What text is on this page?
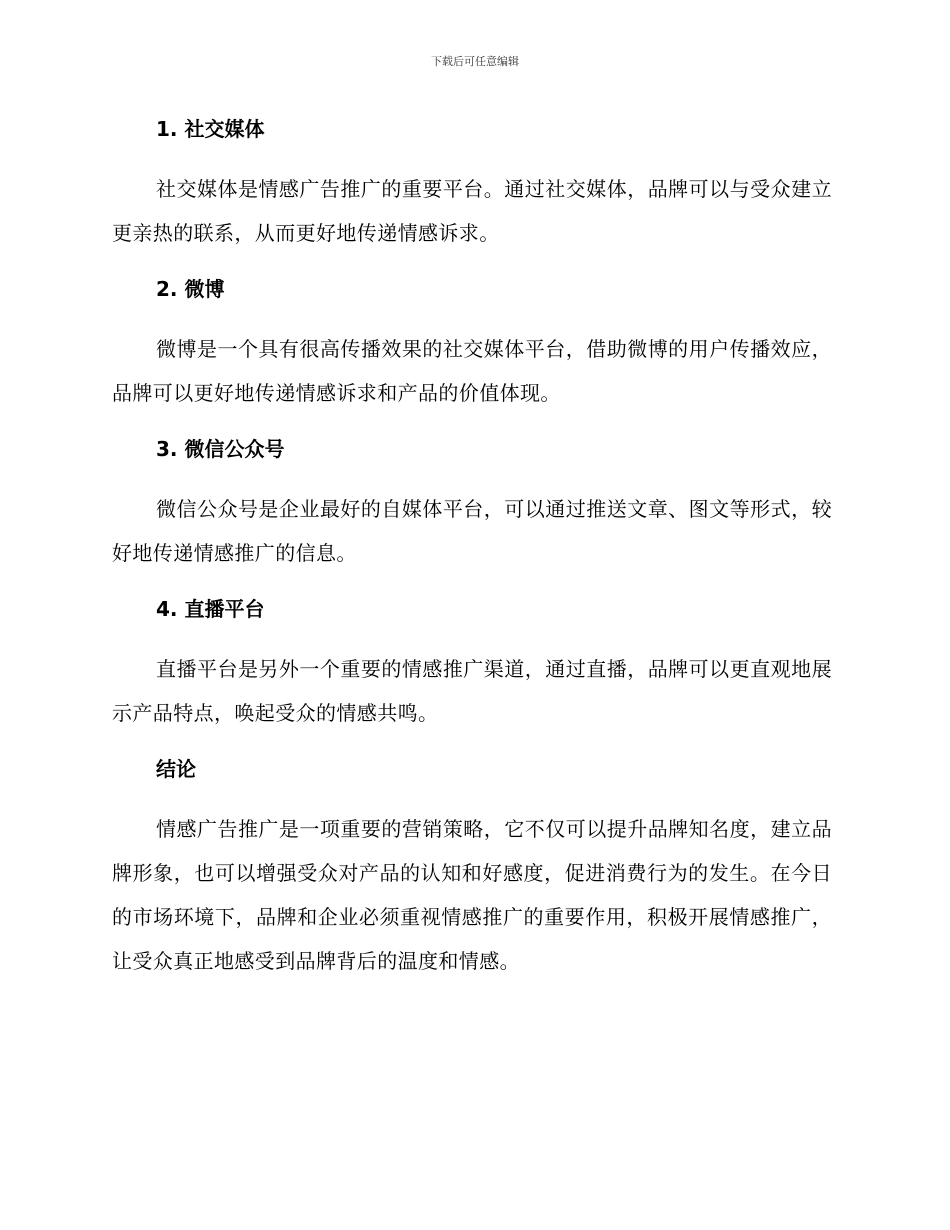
下载后可任意编辑
1. 社交媒体

社交媒体是情感广告推广的重要平台。通过社交媒体，品牌可以与受众建立更亲热的联系，从而更好地传递情感诉求。

2. 微博

微博是一个具有很高传播效果的社交媒体平台，借助微博的用户传播效应，品牌可以更好地传递情感诉求和产品的价值体现。

3. 微信公众号

微信公众号是企业最好的自媒体平台，可以通过推送文章、图文等形式，较好地传递情感推广的信息。

4. 直播平台

直播平台是另外一个重要的情感推广渠道，通过直播，品牌可以更直观地展示产品特点，唤起受众的情感共鸣。

结论

情感广告推广是一项重要的营销策略，它不仅可以提升品牌知名度，建立品牌形象，也可以增强受众对产品的认知和好感度，促进消费行为的发生。在今日的市场环境下，品牌和企业必须重视情感推广的重要作用，积极开展情感推广，让受众真正地感受到品牌背后的温度和情感。
